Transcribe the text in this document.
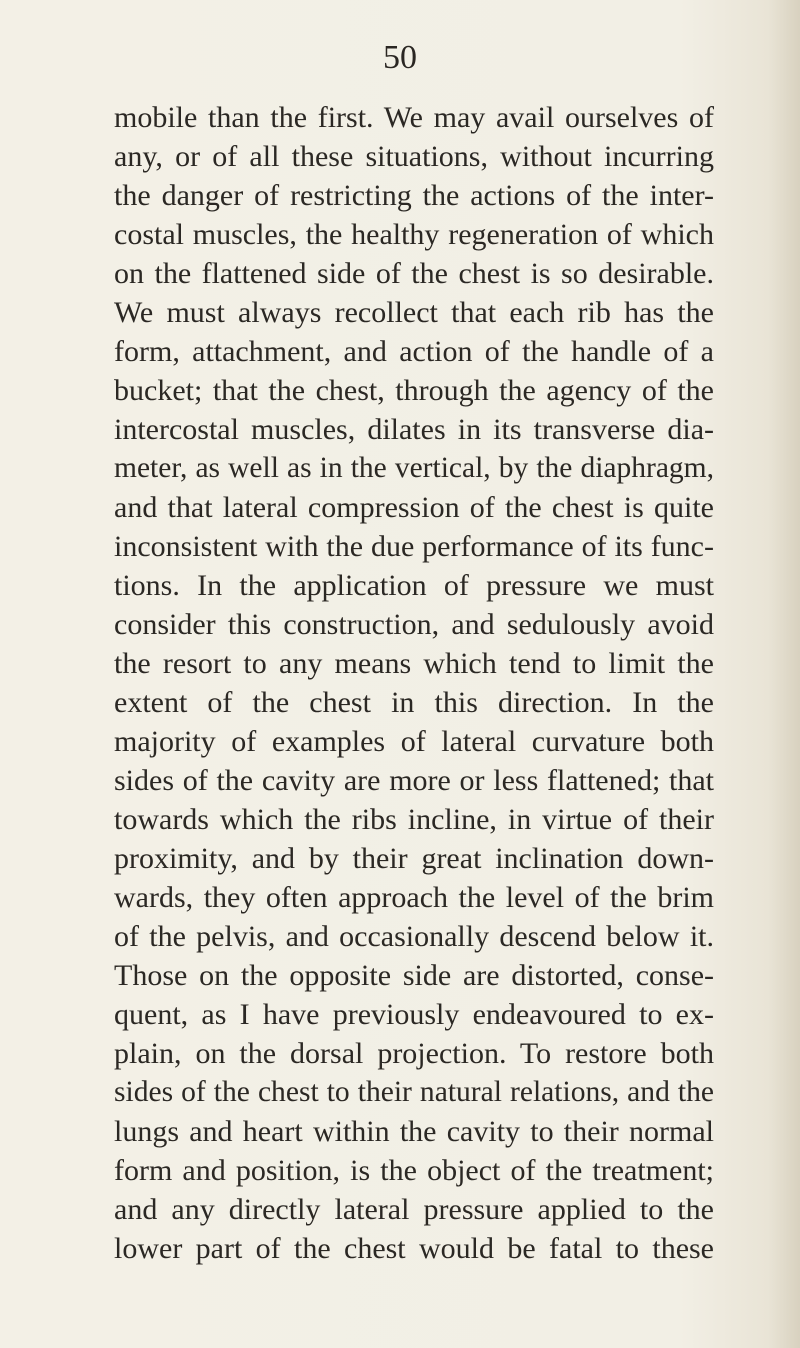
50
mobile than the first. We may avail ourselves of
any, or of all these situations, without incurring
the danger of restricting the actions of the inter-
costal muscles, the healthy regeneration of which
on the flattened side of the chest is so desirable.
We must always recollect that each rib has the
form, attachment, and action of the handle of a
bucket; that the chest, through the agency of the
intercostal muscles, dilates in its transverse dia-
meter, as well as in the vertical, by the diaphragm,
and that lateral compression of the chest is quite
inconsistent with the due performance of its func-
tions. In the application of pressure we must
consider this construction, and sedulously avoid
the resort to any means which tend to limit the
extent of the chest in this direction. In the
majority of examples of lateral curvature both
sides of the cavity are more or less flattened; that
towards which the ribs incline, in virtue of their
proximity, and by their great inclination down-
wards, they often approach the level of the brim
of the pelvis, and occasionally descend below it.
Those on the opposite side are distorted, conse-
quent, as I have previously endeavoured to ex-
plain, on the dorsal projection. To restore both
sides of the chest to their natural relations, and the
lungs and heart within the cavity to their normal
form and position, is the object of the treatment;
and any directly lateral pressure applied to the
lower part of the chest would be fatal to these
